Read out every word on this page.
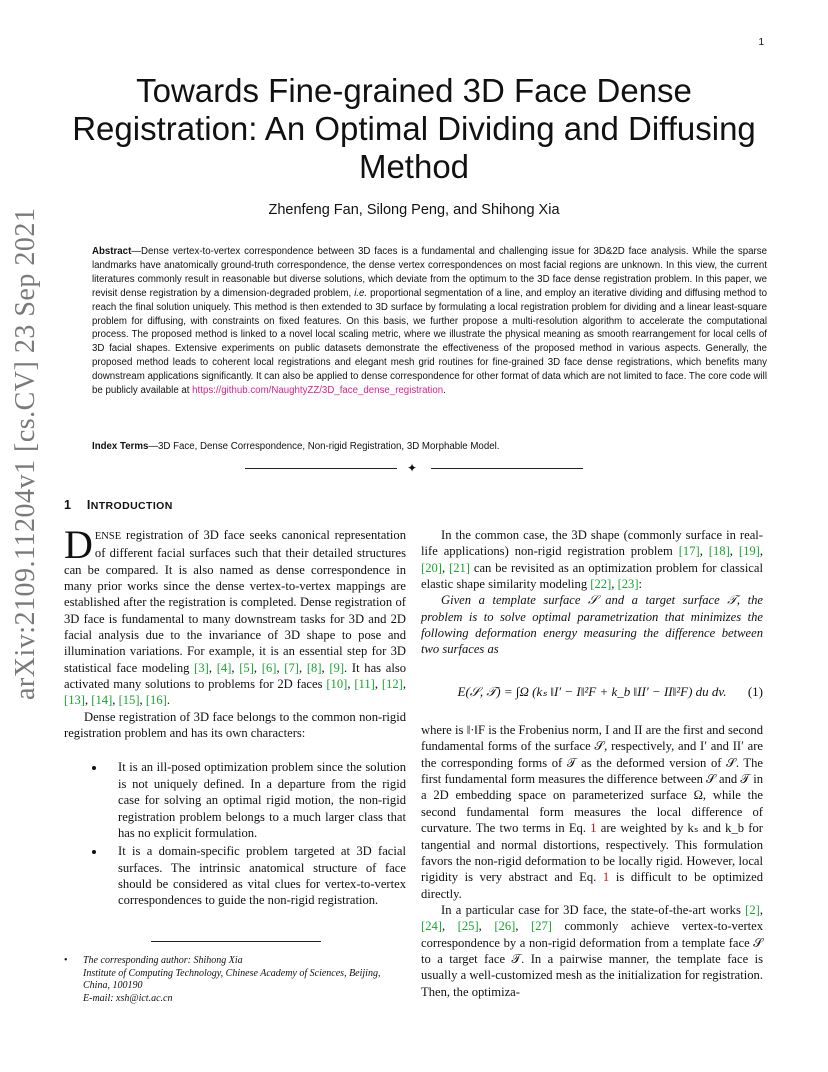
1
arXiv:2109.11204v1 [cs.CV] 23 Sep 2021
Towards Fine-grained 3D Face Dense Registration: An Optimal Dividing and Diffusing Method
Zhenfeng Fan, Silong Peng, and Shihong Xia
Abstract—Dense vertex-to-vertex correspondence between 3D faces is a fundamental and challenging issue for 3D&2D face analysis. While the sparse landmarks have anatomically ground-truth correspondence, the dense vertex correspondences on most facial regions are unknown. In this view, the current literatures commonly result in reasonable but diverse solutions, which deviate from the optimum to the 3D face dense registration problem. In this paper, we revisit dense registration by a dimension-degraded problem, i.e. proportional segmentation of a line, and employ an iterative dividing and diffusing method to reach the final solution uniquely. This method is then extended to 3D surface by formulating a local registration problem for dividing and a linear least-square problem for diffusing, with constraints on fixed features. On this basis, we further propose a multi-resolution algorithm to accelerate the computational process. The proposed method is linked to a novel local scaling metric, where we illustrate the physical meaning as smooth rearrangement for local cells of 3D facial shapes. Extensive experiments on public datasets demonstrate the effectiveness of the proposed method in various aspects. Generally, the proposed method leads to coherent local registrations and elegant mesh grid routines for fine-grained 3D face dense registrations, which benefits many downstream applications significantly. It can also be applied to dense correspondence for other format of data which are not limited to face. The core code will be publicly available at https://github.com/NaughtyZZ/3D_face_dense_registration.
Index Terms—3D Face, Dense Correspondence, Non-rigid Registration, 3D Morphable Model.
✦
1 INTRODUCTION

DENSE registration of 3D face seeks canonical representation of different facial surfaces such that their detailed structures can be compared. It is also named as dense correspondence in many prior works since the dense vertex-to-vertex mappings are established after the registration is completed. Dense registration of 3D face is fundamental to many downstream tasks for 3D and 2D facial analysis due to the invariance of 3D shape to pose and illumination variations. For example, it is an essential step for 3D statistical face modeling [3], [4], [5], [6], [7], [8], [9]. It has also activated many solutions to problems for 2D faces [10], [11], [12], [13], [14], [15], [16].

Dense registration of 3D face belongs to the common non-rigid registration problem and has its own characters:

• It is an ill-posed optimization problem since the solution is not uniquely defined. In a departure from the rigid case for solving an optimal rigid motion, the non-rigid registration problem belongs to a much larger class that has no explicit formulation.
• It is a domain-specific problem targeted at 3D facial surfaces. The intrinsic anatomical structure of face should be considered as vital clues for vertex-to-vertex correspondences to guide the non-rigid registration.
• The corresponding author: Shihong Xia
Institute of Computing Technology, Chinese Academy of Sciences, Beijing, China, 100190
E-mail: xsh@ict.ac.cn

In the common case, the 3D shape (commonly surface in real-life applications) non-rigid registration problem [17], [18], [19], [20], [21] can be revisited as an optimization problem for classical elastic shape similarity modeling [22], [23]:

Given a template surface 𝒮 and a target surface 𝒯, the problem is to solve optimal parametrization that minimizes the following deformation energy measuring the difference between two surfaces as

E(𝒮, 𝒯) = ∫Ω (kₛ ‖I′ − I‖²F + k_b ‖II′ − II‖²F) du dv. (1)

where is ‖·‖F is the Frobenius norm, I and II are the first and second fundamental forms of the surface 𝒮, respectively, and I′ and II′ are the corresponding forms of 𝒯 as the deformed version of 𝒮. The first fundamental form measures the difference between 𝒮 and 𝒯 in a 2D embedding space on parameterized surface Ω, while the second fundamental form measures the local difference of curvature. The two terms in Eq. 1 are weighted by kₛ and k_b for tangential and normal distortions, respectively. This formulation favors the non-rigid deformation to be locally rigid. However, local rigidity is very abstract and Eq. 1 is difficult to be optimized directly.

In a particular case for 3D face, the state-of-the-art works [2], [24], [25], [26], [27] commonly achieve vertex-to-vertex correspondence by a non-rigid deformation from a template face 𝒮 to a target face 𝒯. In a pairwise manner, the template face is usually a well-customized mesh as the initialization for registration. Then, the optimiza-
